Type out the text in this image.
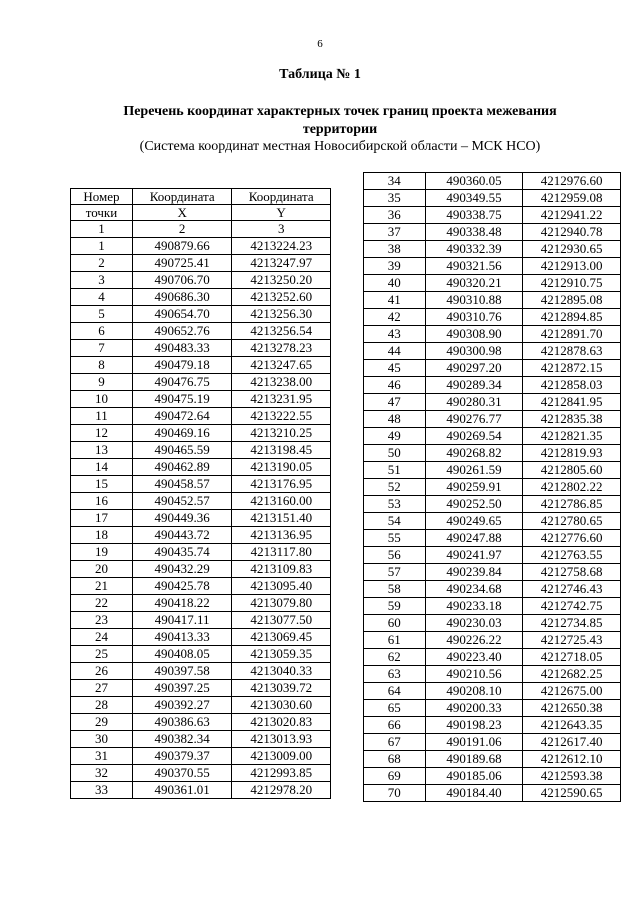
6
Таблица № 1
Перечень координат характерных точек границ проекта межевания
территории
(Система координат местная Новосибирской области – МСК НСО)
Номер	Координата	Координата
точки	X	Y
1	2	3
1	490879.66	4213224.23
2	490725.41	4213247.97
3	490706.70	4213250.20
4	490686.30	4213252.60
5	490654.70	4213256.30
6	490652.76	4213256.54
7	490483.33	4213278.23
8	490479.18	4213247.65
9	490476.75	4213238.00
10	490475.19	4213231.95
11	490472.64	4213222.55
12	490469.16	4213210.25
13	490465.59	4213198.45
14	490462.89	4213190.05
15	490458.57	4213176.95
16	490452.57	4213160.00
17	490449.36	4213151.40
18	490443.72	4213136.95
19	490435.74	4213117.80
20	490432.29	4213109.83
21	490425.78	4213095.40
22	490418.22	4213079.80
23	490417.11	4213077.50
24	490413.33	4213069.45
25	490408.05	4213059.35
26	490397.58	4213040.33
27	490397.25	4213039.72
28	490392.27	4213030.60
29	490386.63	4213020.83
30	490382.34	4213013.93
31	490379.37	4213009.00
32	490370.55	4212993.85
33	490361.01	4212978.20
34	490360.05	4212976.60
35	490349.55	4212959.08
36	490338.75	4212941.22
37	490338.48	4212940.78
38	490332.39	4212930.65
39	490321.56	4212913.00
40	490320.21	4212910.75
41	490310.88	4212895.08
42	490310.76	4212894.85
43	490308.90	4212891.70
44	490300.98	4212878.63
45	490297.20	4212872.15
46	490289.34	4212858.03
47	490280.31	4212841.95
48	490276.77	4212835.38
49	490269.54	4212821.35
50	490268.82	4212819.93
51	490261.59	4212805.60
52	490259.91	4212802.22
53	490252.50	4212786.85
54	490249.65	4212780.65
55	490247.88	4212776.60
56	490241.97	4212763.55
57	490239.84	4212758.68
58	490234.68	4212746.43
59	490233.18	4212742.75
60	490230.03	4212734.85
61	490226.22	4212725.43
62	490223.40	4212718.05
63	490210.56	4212682.25
64	490208.10	4212675.00
65	490200.33	4212650.38
66	490198.23	4212643.35
67	490191.06	4212617.40
68	490189.68	4212612.10
69	490185.06	4212593.38
70	490184.40	4212590.65
